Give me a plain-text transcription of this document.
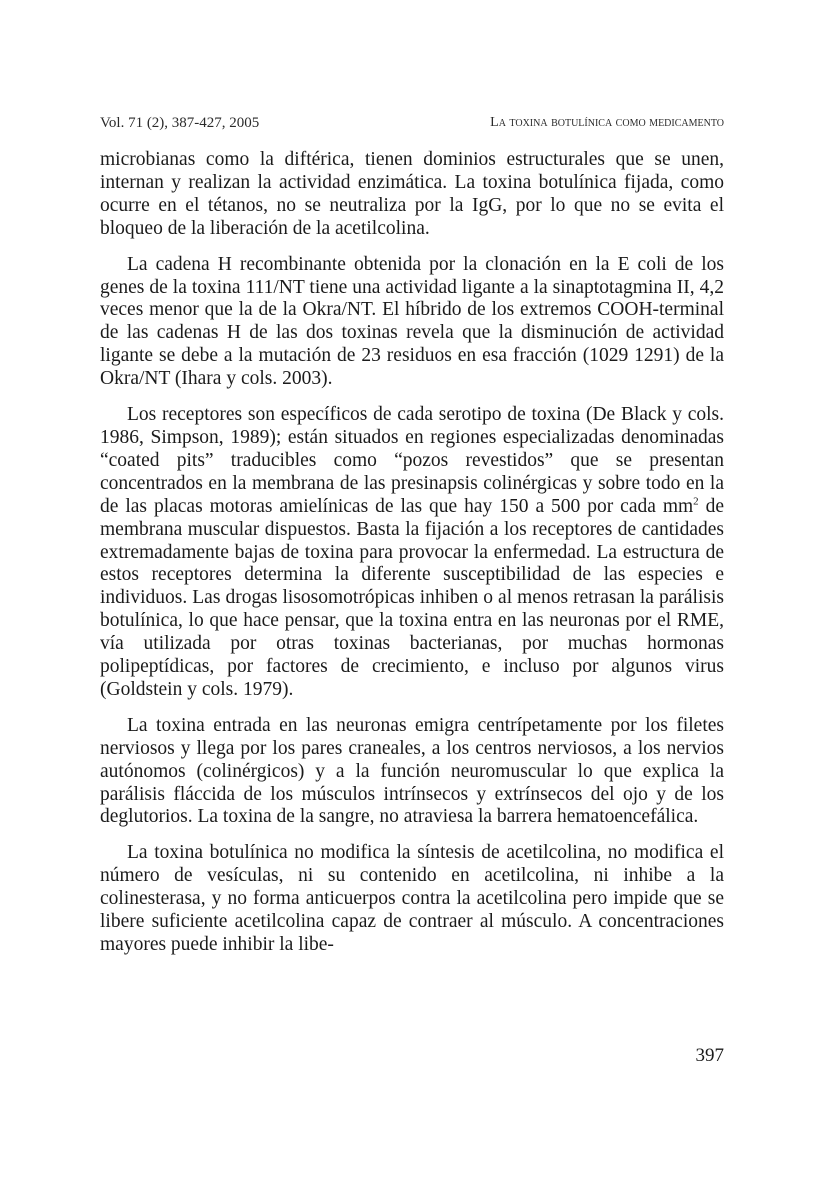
Vol. 71 (2), 387-427, 2005	La toxina botulínica como medicamento

microbianas como la diftérica, tienen dominios estructurales que se unen, internan y realizan la actividad enzimática. La toxina botulínica fijada, como ocurre en el tétanos, no se neutraliza por la IgG, por lo que no se evita el bloqueo de la liberación de la acetilcolina.

La cadena H recombinante obtenida por la clonación en la E coli de los genes de la toxina 111/NT tiene una actividad ligante a la sinaptotagmina II, 4,2 veces menor que la de la Okra/NT. El híbrido de los extremos COOH-terminal de las cadenas H de las dos toxinas revela que la disminución de actividad ligante se debe a la mutación de 23 residuos en esa fracción (1029 1291) de la Okra/NT (Ihara y cols. 2003).

Los receptores son específicos de cada serotipo de toxina (De Black y cols. 1986, Simpson, 1989); están situados en regiones especializadas denominadas “coated pits” traducibles como “pozos revestidos” que se presentan concentrados en la membrana de las presinapsis colinérgicas y sobre todo en la de las placas motoras amielínicas de las que hay 150 a 500 por cada $mm^2$ de membrana muscular dispuestos. Basta la fijación a los receptores de cantidades extremadamente bajas de toxina para provocar la enfermedad. La estructura de estos receptores determina la diferente susceptibilidad de las especies e individuos. Las drogas lisosomotrópicas inhiben o al menos retrasan la parálisis botulínica, lo que hace pensar, que la toxina entra en las neuronas por el RME, vía utilizada por otras toxinas bacterianas, por muchas hormonas polipeptídicas, por factores de crecimiento, e incluso por algunos virus (Goldstein y cols. 1979).

La toxina entrada en las neuronas emigra centrípetamente por los filetes nerviosos y llega por los pares craneales, a los centros nerviosos, a los nervios autónomos (colinérgicos) y a la función neuromuscular lo que explica la parálisis fláccida de los músculos intrínsecos y extrínsecos del ojo y de los deglutorios. La toxina de la sangre, no atraviesa la barrera hematoencefálica.

La toxina botulínica no modifica la síntesis de acetilcolina, no modifica el número de vesículas, ni su contenido en acetilcolina, ni inhibe a la colinesterasa, y no forma anticuerpos contra la acetilcolina pero impide que se libere suficiente acetilcolina capaz de contraer al músculo. A concentraciones mayores puede inhibir la libe-

397
